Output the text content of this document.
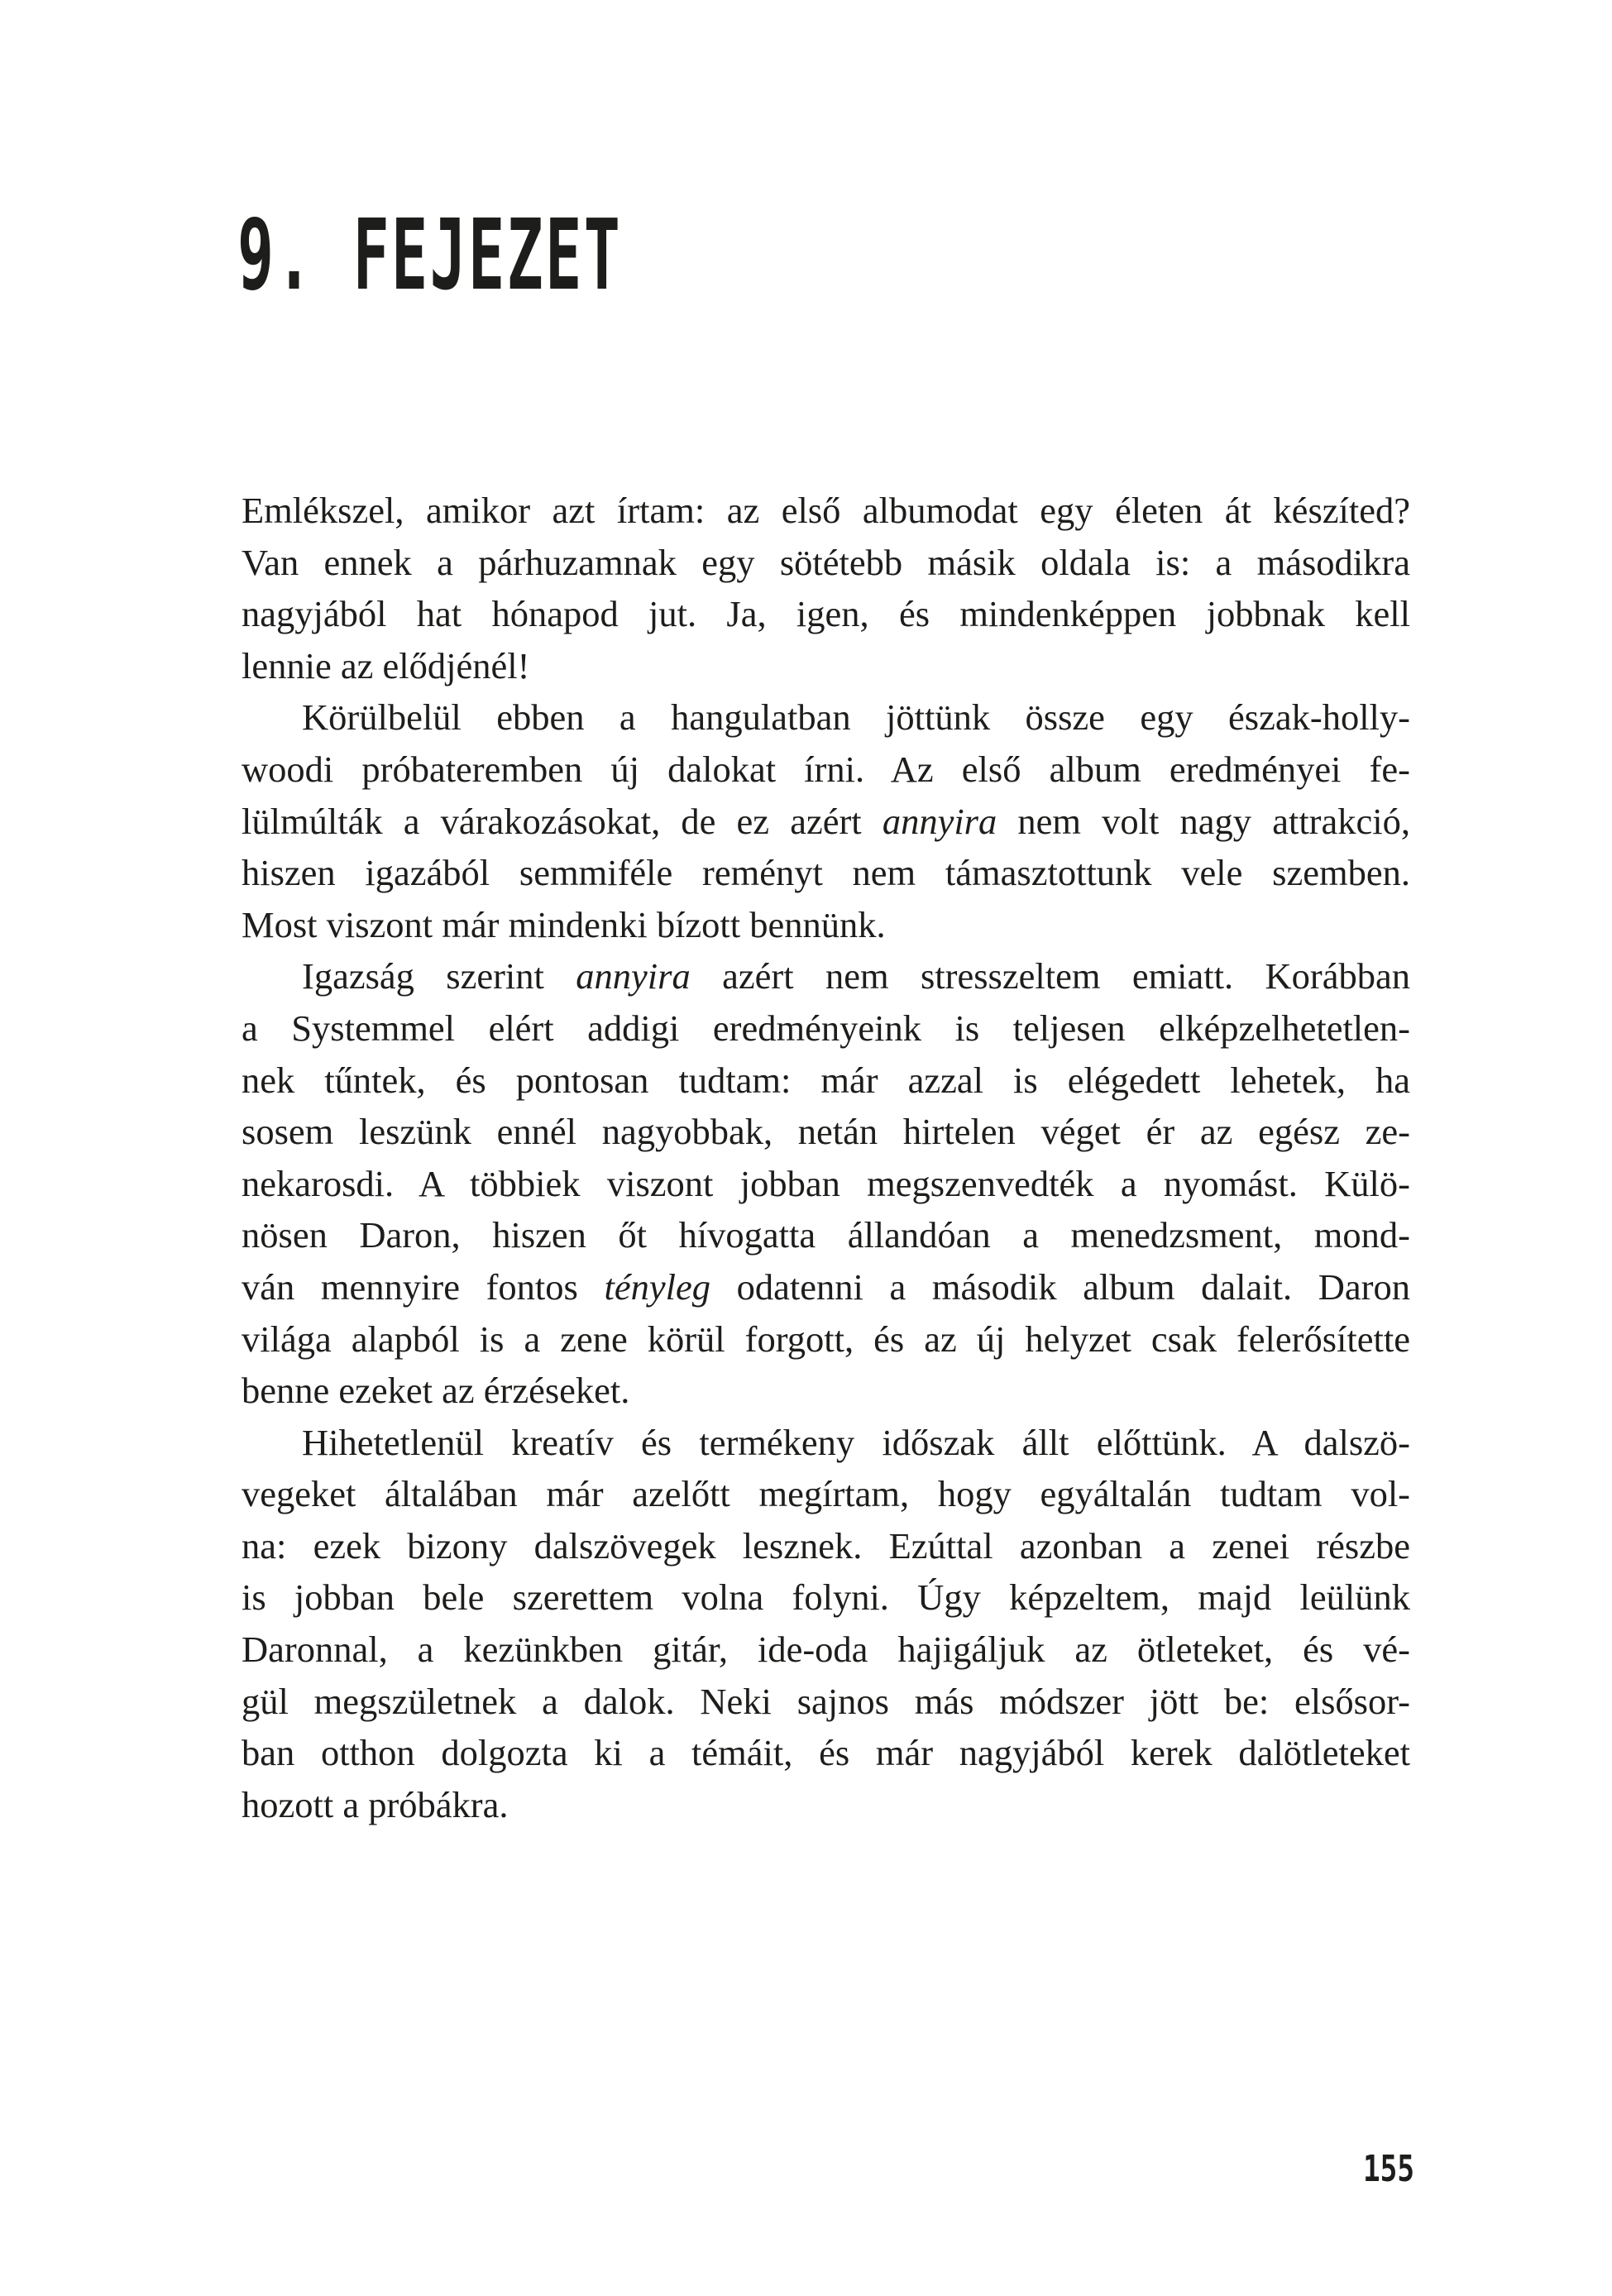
9. FEJEZET

Emlékszel, amikor azt írtam: az első albumodat egy életen át készíted?
Van ennek a párhuzamnak egy sötétebb másik oldala is: a másodikra
nagyjából hat hónapod jut. Ja, igen, és mindenképpen jobbnak kell
lennie az elődjénél!

Körülbelül ebben a hangulatban jöttünk össze egy észak-holly-
woodi próbateremben új dalokat írni. Az első album eredményei fe-
lülmúlták a várakozásokat, de ez azért annyira nem volt nagy attrakció,
hiszen igazából semmiféle reményt nem támasztottunk vele szemben.
Most viszont már mindenki bízott bennünk.

Igazság szerint annyira azért nem stresszeltem emiatt. Korábban
a Systemmel elért addigi eredményeink is teljesen elképzelhetetlen-
nek tűntek, és pontosan tudtam: már azzal is elégedett lehetek, ha
sosem leszünk ennél nagyobbak, netán hirtelen véget ér az egész ze-
nekarosdi. A többiek viszont jobban megszenvedték a nyomást. Külö-
nösen Daron, hiszen őt hívogatta állandóan a menedzsment, mond-
ván mennyire fontos tényleg odatenni a második album dalait. Daron
világa alapból is a zene körül forgott, és az új helyzet csak felerősítette
benne ezeket az érzéseket.

Hihetetlenül kreatív és termékeny időszak állt előttünk. A dalszö-
vegeket általában már azelőtt megírtam, hogy egyáltalán tudtam vol-
na: ezek bizony dalszövegek lesznek. Ezúttal azonban a zenei részbe
is jobban bele szerettem volna folyni. Úgy képzeltem, majd leülünk
Daronnal, a kezünkben gitár, ide-oda hajigáljuk az ötleteket, és vé-
gül megszületnek a dalok. Neki sajnos más módszer jött be: elsősor-
ban otthon dolgozta ki a témáit, és már nagyjából kerek dalötleteket
hozott a próbákra.

155
